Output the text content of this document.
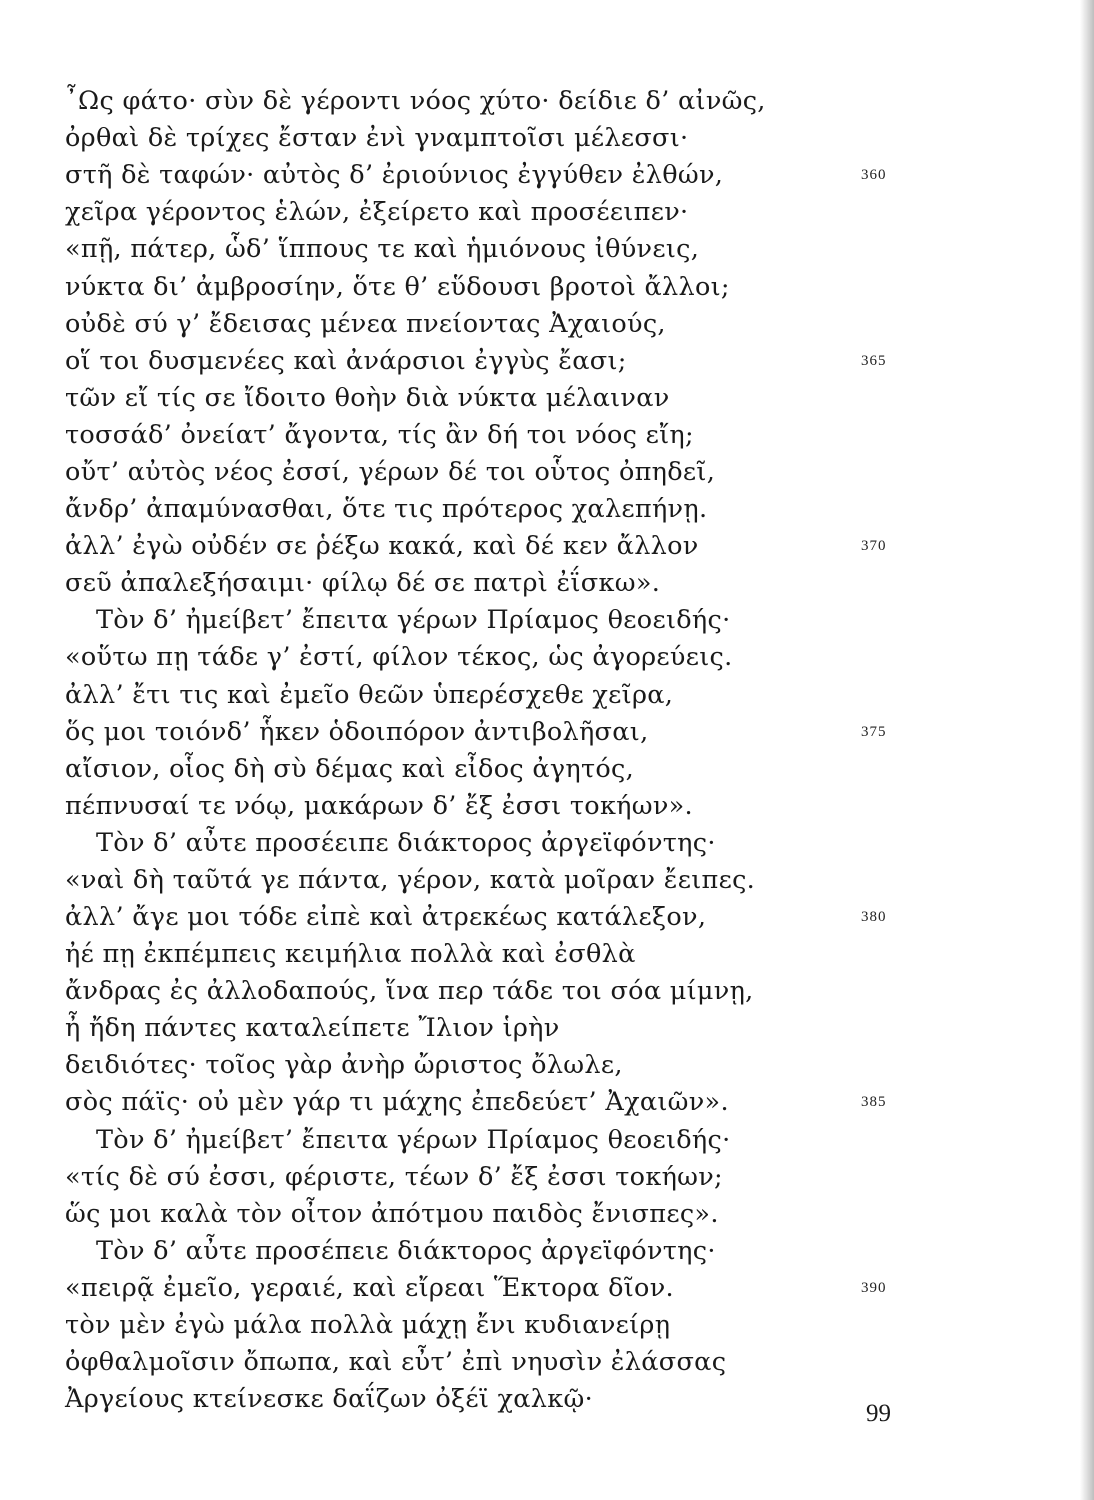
῏Ως φάτο· σὺν δὲ γέροντι νόος χύτο· δείδιε δ’ αἰνῶς,
ὀρθαὶ δὲ τρίχες ἔσταν ἐνὶ γναμπτοῖσι μέλεσσι·
στῆ δὲ ταφών· αὐτὸς δ’ ἐριούνιος ἐγγύθεν ἐλθών,	360
χεῖρα γέροντος ἑλών, ἐξείρετο καὶ προσέειπεν·
«πῇ, πάτερ, ὧδ’ ἵππους τε καὶ ἡμιόνους ἰθύνεις,
νύκτα δι’ ἀμβροσίην, ὅτε θ’ εὕδουσι βροτοὶ ἄλλοι;
οὐδὲ σύ γ’ ἔδεισας μένεα πνείοντας Ἀχαιούς,
οἵ τοι δυσμενέες καὶ ἀνάρσιοι ἐγγὺς ἔασι;	365
τῶν εἴ τίς σε ἴδοιτο θοὴν διὰ νύκτα μέλαιναν
τοσσάδ’ ὀνείατ’ ἄγοντα, τίς ἂν δή τοι νόος εἴη;
οὔτ’ αὐτὸς νέος ἐσσί, γέρων δέ τοι οὗτος ὀπηδεῖ,
ἄνδρ’ ἀπαμύνασθαι, ὅτε τις πρότερος χαλεπήνῃ.
ἀλλ’ ἐγὼ οὐδέν σε ῥέξω κακά, καὶ δέ κεν ἄλλον	370
σεῦ ἀπαλεξήσαιμι· φίλῳ δέ σε πατρὶ ἐΐσκω».
Τὸν δ’ ἠμείβετ’ ἔπειτα γέρων Πρίαμος θεοειδής·
«οὕτω πῃ τάδε γ’ ἐστί, φίλον τέκος, ὡς ἀγορεύεις.
ἀλλ’ ἔτι τις καὶ ἐμεῖο θεῶν ὑπερέσχεθε χεῖρα,
ὅς μοι τοιόνδ’ ἧκεν ὁδοιπόρον ἀντιβολῆσαι,	375
αἴσιον, οἷος δὴ σὺ δέμας καὶ εἶδος ἀγητός,
πέπνυσαί τε νόῳ, μακάρων δ’ ἔξ ἐσσι τοκήων».
Τὸν δ’ αὖτε προσέειπε διάκτορος ἀργεϊφόντης·
«ναὶ δὴ ταῦτά γε πάντα, γέρον, κατὰ μοῖραν ἔειπες.
ἀλλ’ ἄγε μοι τόδε εἰπὲ καὶ ἀτρεκέως κατάλεξον,	380
ἠέ πῃ ἐκπέμπεις κειμήλια πολλὰ καὶ ἐσθλὰ
ἄνδρας ἐς ἀλλοδαπούς, ἵνα περ τάδε τοι σόα μίμνῃ,
ἦ ἤδη πάντες καταλείπετε Ἴλιον ἱρὴν
δειδιότες· τοῖος γὰρ ἀνὴρ ὤριστος ὄλωλε,
σὸς πάϊς· οὐ μὲν γάρ τι μάχης ἐπεδεύετ’ Ἀχαιῶν».	385
Τὸν δ’ ἠμείβετ’ ἔπειτα γέρων Πρίαμος θεοειδής·
«τίς δὲ σύ ἐσσι, φέριστε, τέων δ’ ἔξ ἐσσι τοκήων;
ὥς μοι καλὰ τὸν οἶτον ἀπότμου παιδὸς ἔνισπες».
Τὸν δ’ αὖτε προσέπειε διάκτορος ἀργεϊφόντης·
«πειρᾷ ἐμεῖο, γεραιέ, καὶ εἴρεαι Ἕκτορα δῖον.	390
τὸν μὲν ἐγὼ μάλα πολλὰ μάχῃ ἔνι κυδιανείρῃ
ὀφθαλμοῖσιν ὄπωπα, καὶ εὖτ’ ἐπὶ νηυσὶν ἐλάσσας
Ἀργείους κτείνεσκε δαΐζων ὀξέϊ χαλκῷ·	99
